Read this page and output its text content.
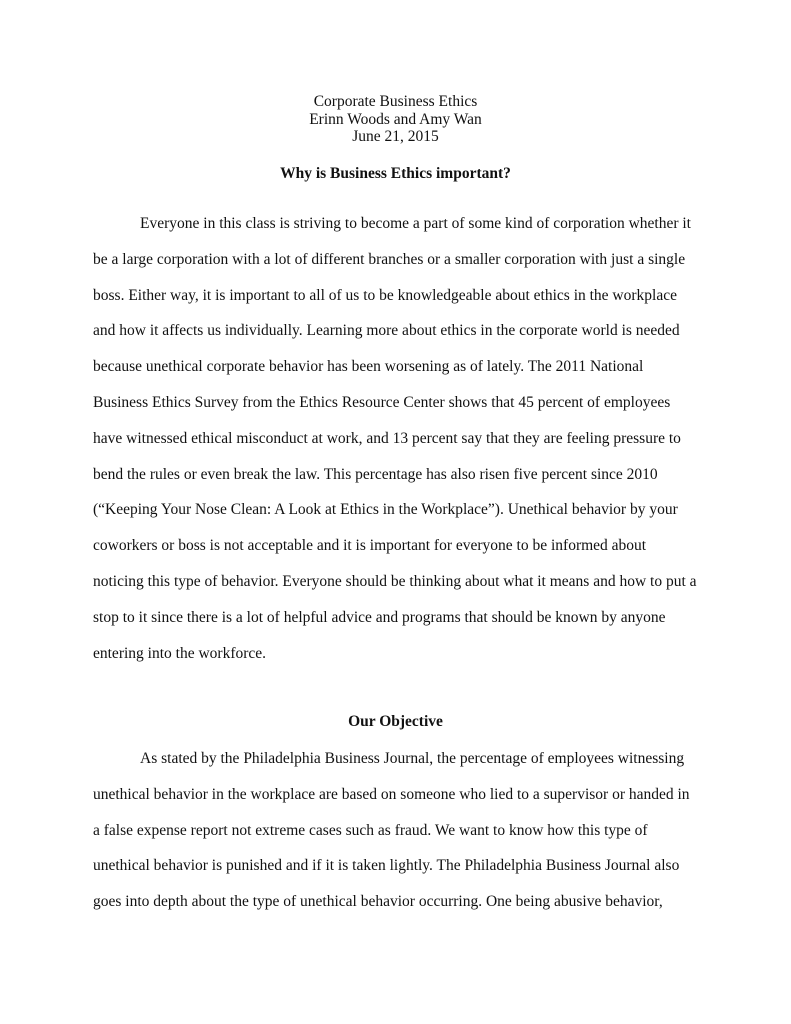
Corporate Business Ethics
Erinn Woods and Amy Wan
June 21, 2015
Why is Business Ethics important?

Everyone in this class is striving to become a part of some kind of corporation whether it
be a large corporation with a lot of different branches or a smaller corporation with just a single
boss. Either way, it is important to all of us to be knowledgeable about ethics in the workplace
and how it affects us individually. Learning more about ethics in the corporate world is needed
because unethical corporate behavior has been worsening as of lately. The 2011 National
Business Ethics Survey from the Ethics Resource Center shows that 45 percent of employees
have witnessed ethical misconduct at work, and 13 percent say that they are feeling pressure to
bend the rules or even break the law. This percentage has also risen five percent since 2010
(“Keeping Your Nose Clean: A Look at Ethics in the Workplace”). Unethical behavior by your
coworkers or boss is not acceptable and it is important for everyone to be informed about
noticing this type of behavior. Everyone should be thinking about what it means and how to put a
stop to it since there is a lot of helpful advice and programs that should be known by anyone
entering into the workforce.

Our Objective

As stated by the Philadelphia Business Journal, the percentage of employees witnessing
unethical behavior in the workplace are based on someone who lied to a supervisor or handed in
a false expense report not extreme cases such as fraud. We want to know how this type of
unethical behavior is punished and if it is taken lightly. The Philadelphia Business Journal also
goes into depth about the type of unethical behavior occurring. One being abusive behavior,
